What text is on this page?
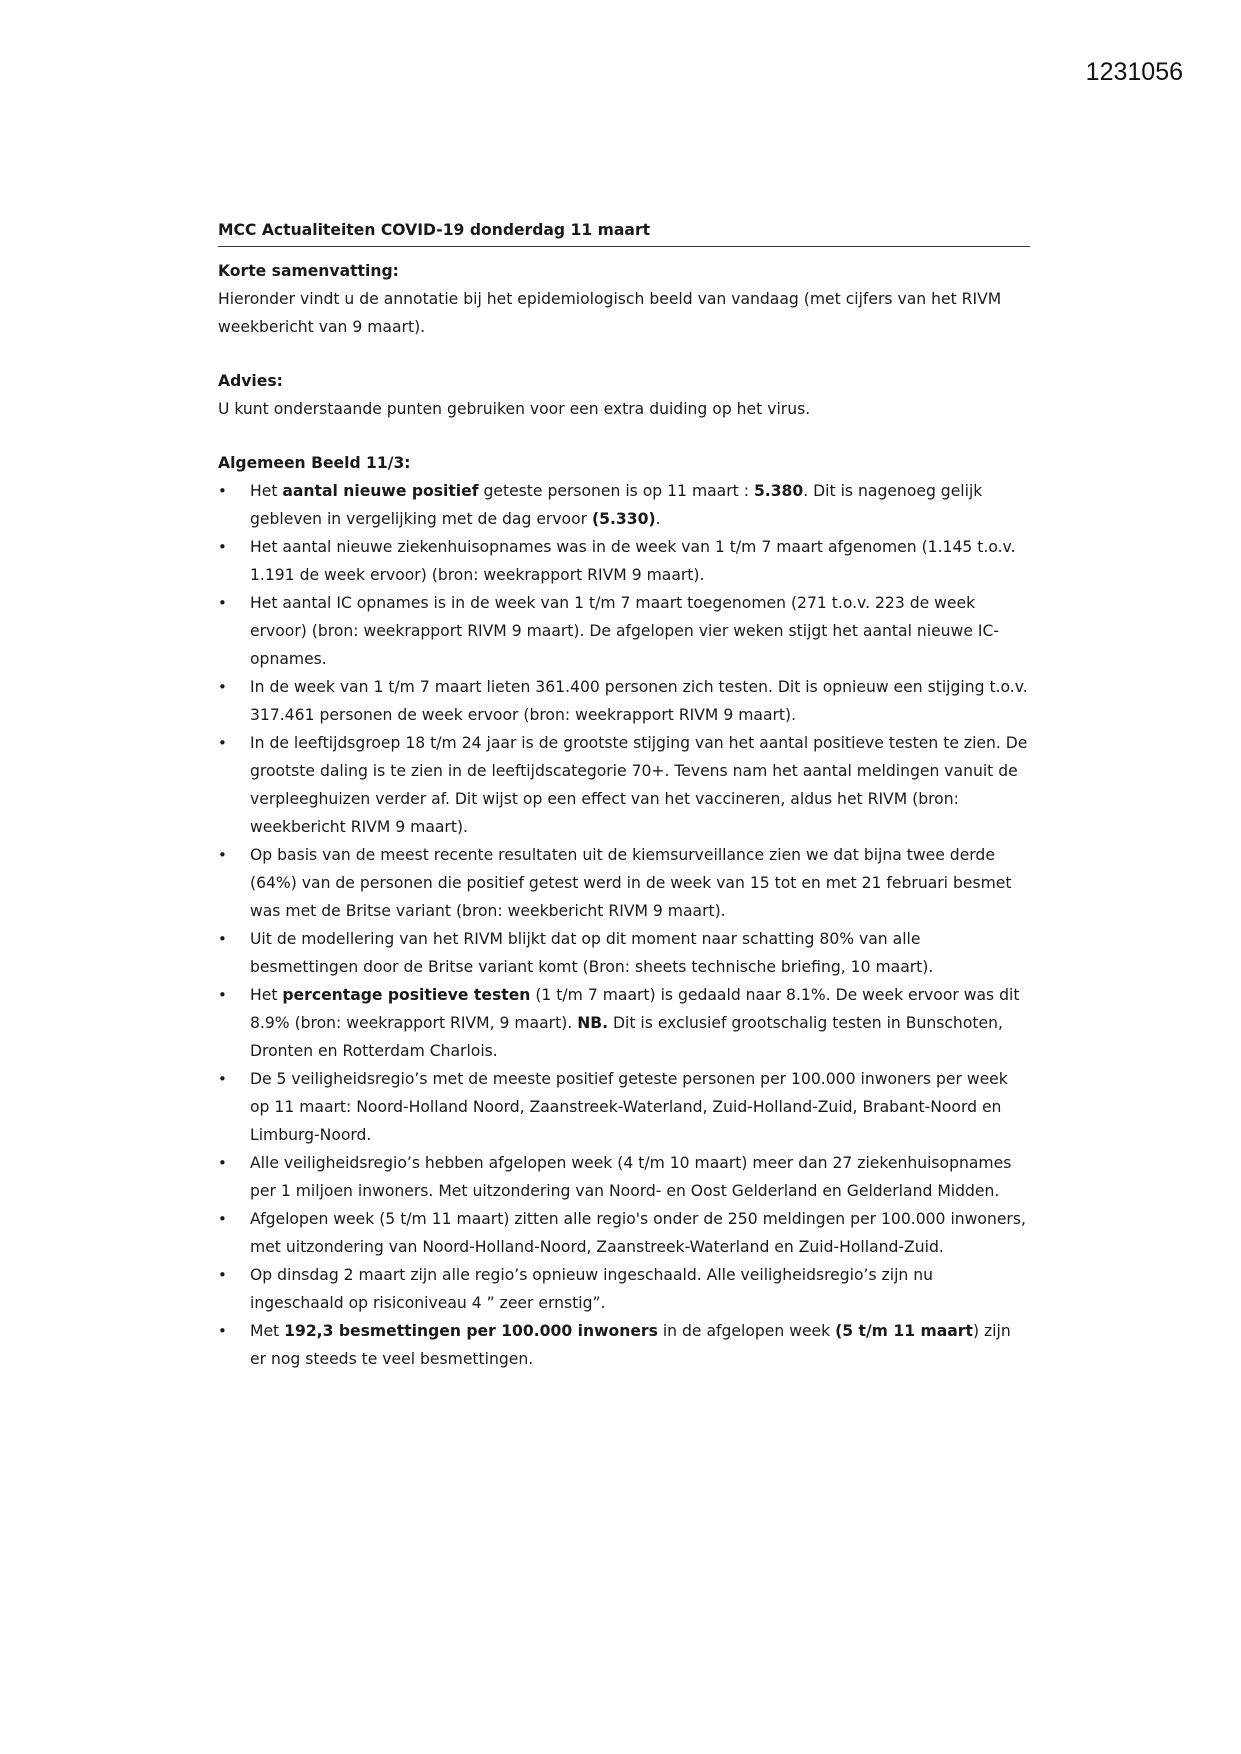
1231056
MCC Actualiteiten COVID-19 donderdag 11 maart
Korte samenvatting:

Hieronder vindt u de annotatie bij het epidemiologisch beeld van vandaag (met cijfers van het RIVM weekbericht van 9 maart).

Advies:

U kunt onderstaande punten gebruiken voor een extra duiding op het virus.

Algemeen Beeld 11/3:
• Het aantal nieuwe positief geteste personen is op 11 maart : 5.380. Dit is nagenoeg gelijk gebleven in vergelijking met de dag ervoor (5.330).
• Het aantal nieuwe ziekenhuisopnames was in de week van 1 t/m 7 maart afgenomen (1.145 t.o.v. 1.191 de week ervoor) (bron: weekrapport RIVM 9 maart).
• Het aantal IC opnames is in de week van 1 t/m 7 maart toegenomen (271 t.o.v. 223 de week ervoor) (bron: weekrapport RIVM 9 maart). De afgelopen vier weken stijgt het aantal nieuwe IC-opnames.
• In de week van 1 t/m 7 maart lieten 361.400 personen zich testen. Dit is opnieuw een stijging t.o.v. 317.461 personen de week ervoor (bron: weekrapport RIVM 9 maart).
• In de leeftijdsgroep 18 t/m 24 jaar is de grootste stijging van het aantal positieve testen te zien. De grootste daling is te zien in de leeftijdscategorie 70+. Tevens nam het aantal meldingen vanuit de verpleeghuizen verder af. Dit wijst op een effect van het vaccineren, aldus het RIVM (bron: weekbericht RIVM 9 maart).
• Op basis van de meest recente resultaten uit de kiemsurveillance zien we dat bijna twee derde (64%) van de personen die positief getest werd in de week van 15 tot en met 21 februari besmet was met de Britse variant (bron: weekbericht RIVM 9 maart).
• Uit de modellering van het RIVM blijkt dat op dit moment naar schatting 80% van alle besmettingen door de Britse variant komt (Bron: sheets technische briefing, 10 maart).
• Het percentage positieve testen (1 t/m 7 maart) is gedaald naar 8.1%. De week ervoor was dit 8.9% (bron: weekrapport RIVM, 9 maart). NB. Dit is exclusief grootschalig testen in Bunschoten, Dronten en Rotterdam Charlois.
• De 5 veiligheidsregio’s met de meeste positief geteste personen per 100.000 inwoners per week op 11 maart: Noord-Holland Noord, Zaanstreek-Waterland, Zuid-Holland-Zuid, Brabant-Noord en Limburg-Noord.
• Alle veiligheidsregio’s hebben afgelopen week (4 t/m 10 maart) meer dan 27 ziekenhuisopnames per 1 miljoen inwoners. Met uitzondering van Noord- en Oost Gelderland en Gelderland Midden.
• Afgelopen week (5 t/m 11 maart) zitten alle regio's onder de 250 meldingen per 100.000 inwoners, met uitzondering van Noord-Holland-Noord, Zaanstreek-Waterland en Zuid-Holland-Zuid.
• Op dinsdag 2 maart zijn alle regio’s opnieuw ingeschaald. Alle veiligheidsregio’s zijn nu ingeschaald op risiconiveau 4 ” zeer ernstig”.
• Met 192,3 besmettingen per 100.000 inwoners in de afgelopen week (5 t/m 11 maart) zijn er nog steeds te veel besmettingen.
